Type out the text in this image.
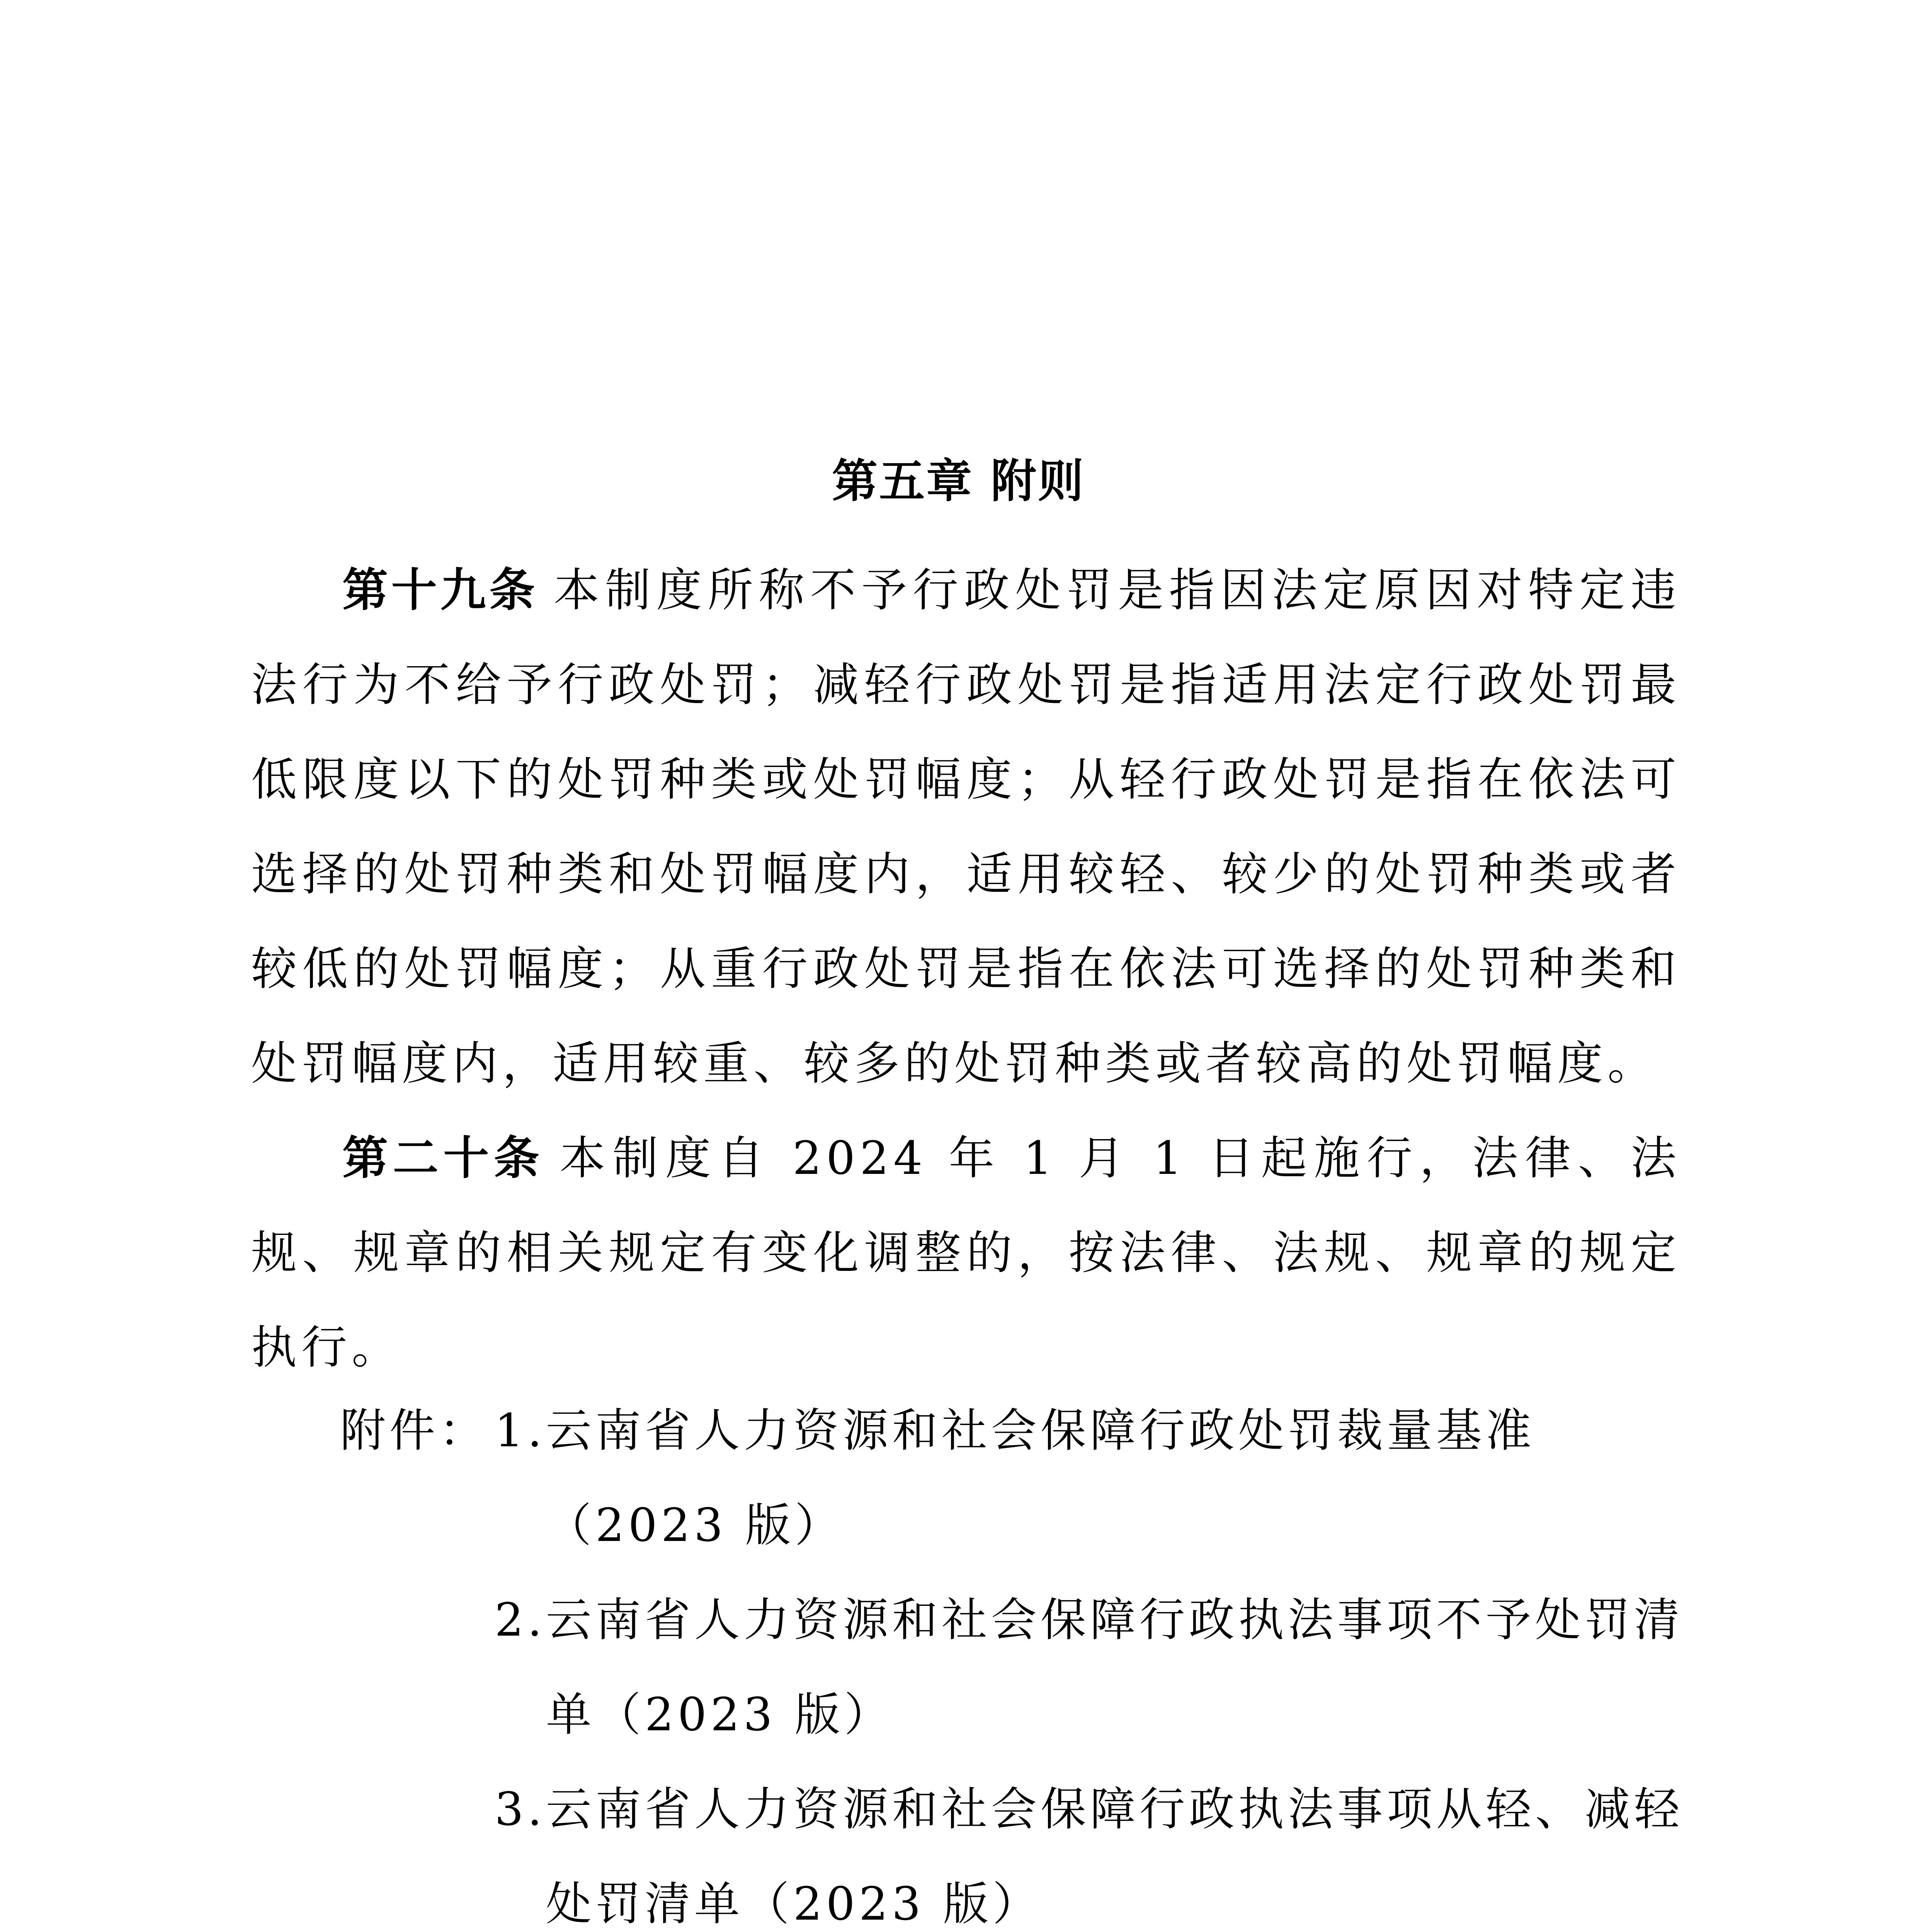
第五章 附则
第十九条 本制度所称不予行政处罚是指因法定原因对特定违法行为不给予行政处罚；减轻行政处罚是指适用法定行政处罚最低限度以下的处罚种类或处罚幅度；从轻行政处罚是指在依法可选择的处罚种类和处罚幅度内，适用较轻、较少的处罚种类或者较低的处罚幅度；从重行政处罚是指在依法可选择的处罚种类和处罚幅度内，适用较重、较多的处罚种类或者较高的处罚幅度。
第二十条 本制度自 2024 年 1 月 1 日起施行，法律、法规、规章的相关规定有变化调整的，按法律、法规、规章的规定执行。
附件： 1. 云南省人力资源和社会保障行政处罚裁量基准（2023 版）
2. 云南省人力资源和社会保障行政执法事项不予处罚清单（2023 版）
3. 云南省人力资源和社会保障行政执法事项从轻、减轻处罚清单（2023 版）
